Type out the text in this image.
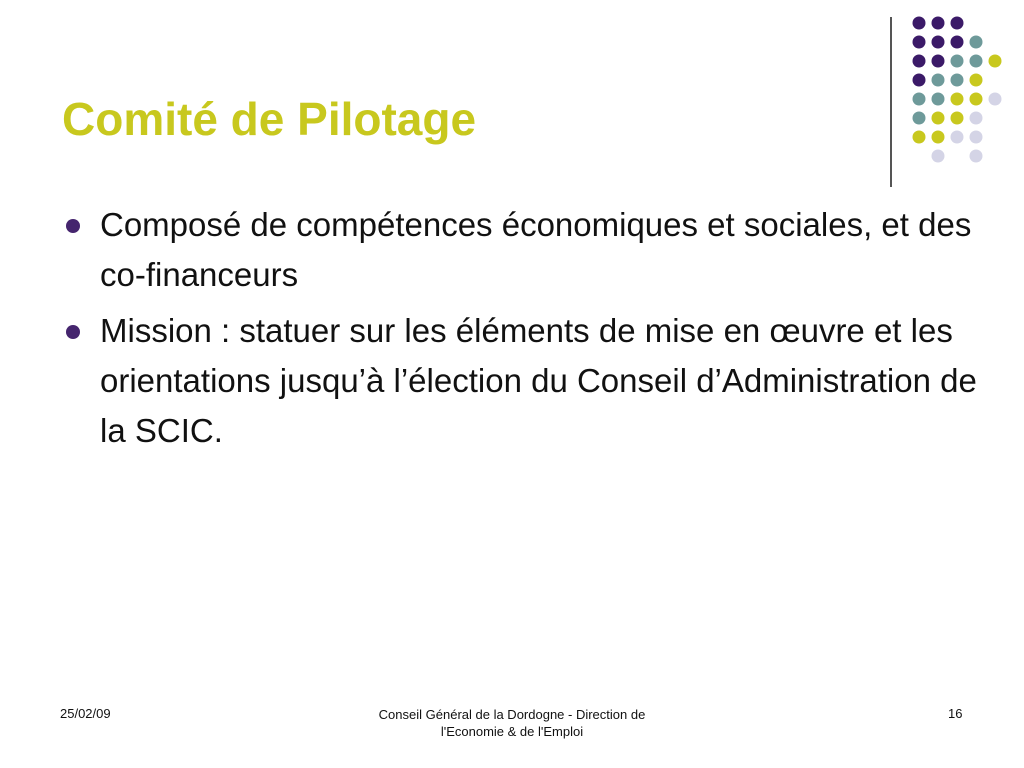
Comité de Pilotage
Composé de compétences économiques et sociales, et des co-financeurs
Mission : statuer sur les éléments de mise en œuvre et les orientations jusqu’à l’élection du Conseil d’Administration de la SCIC.
25/02/09	Conseil Général de la Dordogne - Direction de
l'Economie & de l'Emploi
16
